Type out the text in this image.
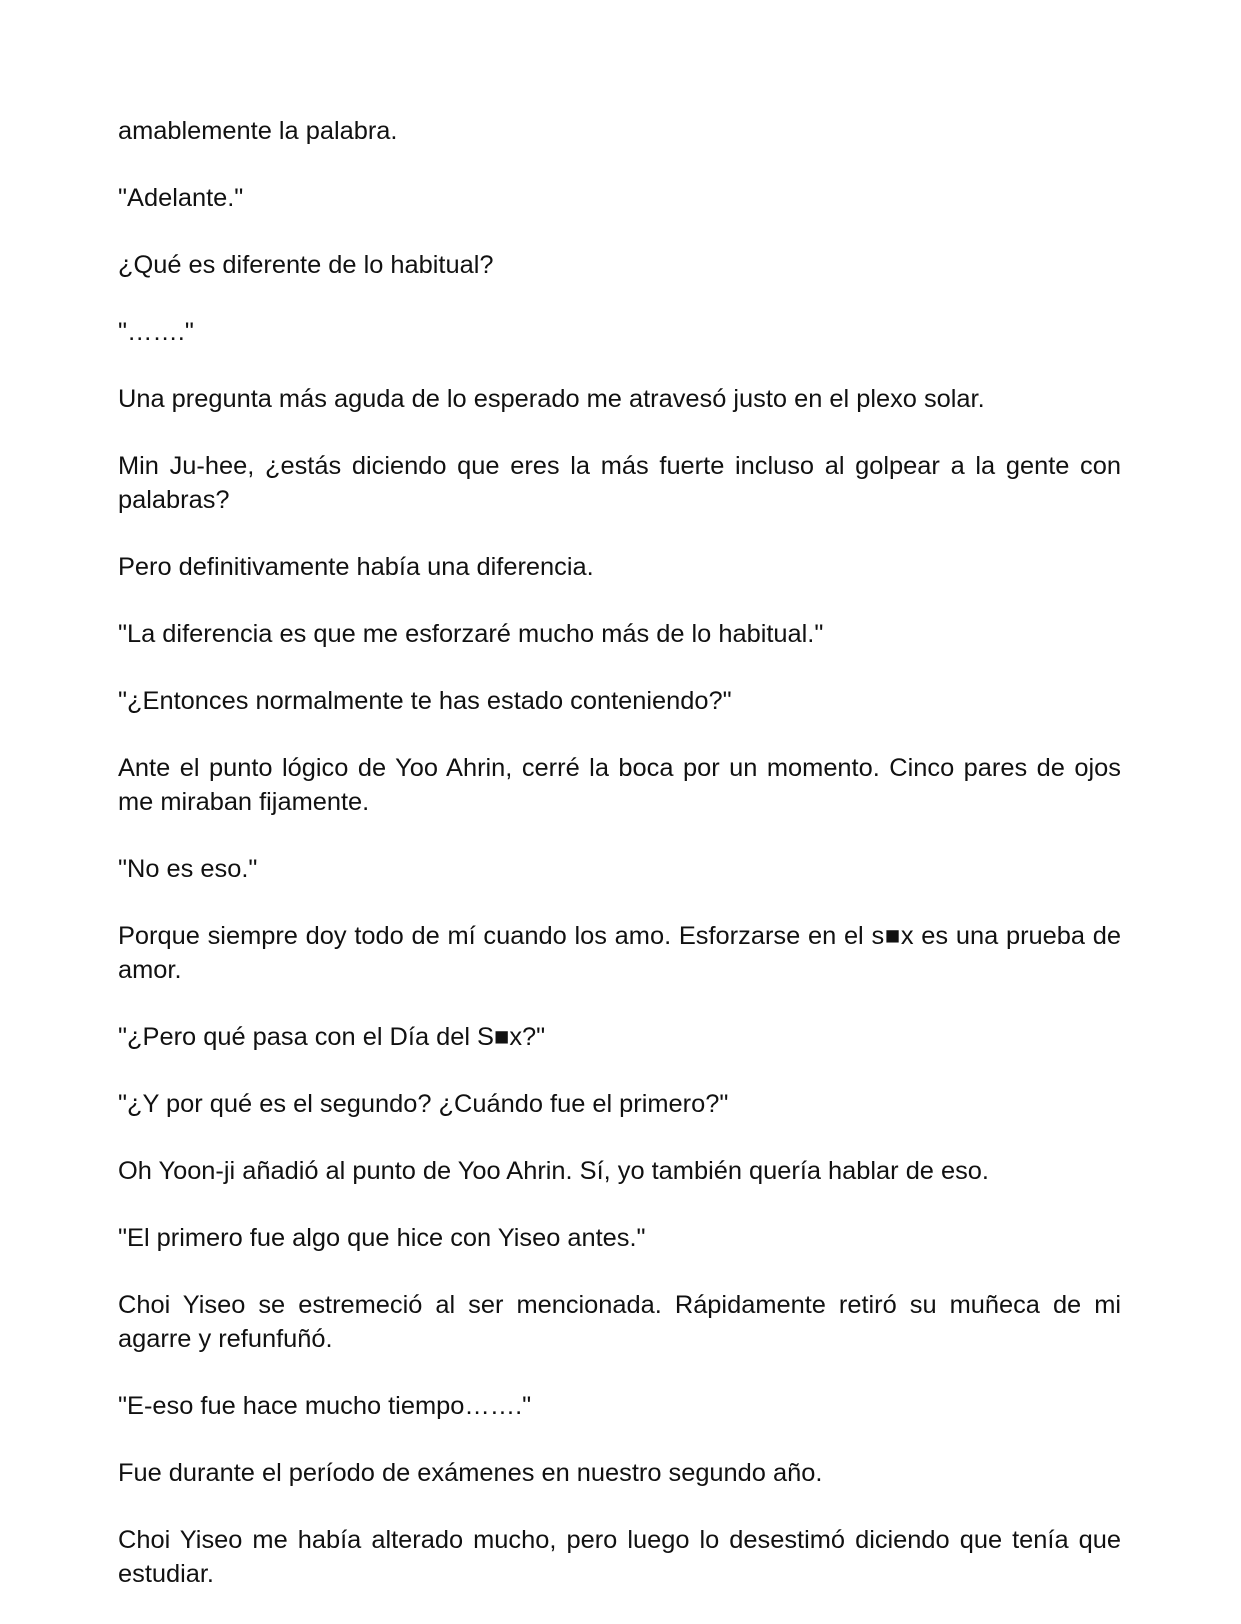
amablemente la palabra.

"Adelante."

¿Qué es diferente de lo habitual?

"……."

Una pregunta más aguda de lo esperado me atravesó justo en el plexo solar.

Min Ju-hee, ¿estás diciendo que eres la más fuerte incluso al golpear a la gente con palabras?

Pero definitivamente había una diferencia.

"La diferencia es que me esforzaré mucho más de lo habitual."

"¿Entonces normalmente te has estado conteniendo?"

Ante el punto lógico de Yoo Ahrin, cerré la boca por un momento. Cinco pares de ojos me miraban fijamente.

"No es eso."

Porque siempre doy todo de mí cuando los amo. Esforzarse en el s■x es una prueba de amor.

"¿Pero qué pasa con el Día del S■x?"

"¿Y por qué es el segundo? ¿Cuándo fue el primero?"

Oh Yoon-ji añadió al punto de Yoo Ahrin. Sí, yo también quería hablar de eso.

"El primero fue algo que hice con Yiseo antes."

Choi Yiseo se estremeció al ser mencionada. Rápidamente retiró su muñeca de mi agarre y refunfuñó.

"E-eso fue hace mucho tiempo……."

Fue durante el período de exámenes en nuestro segundo año.

Choi Yiseo me había alterado mucho, pero luego lo desestimó diciendo que tenía que estudiar.
